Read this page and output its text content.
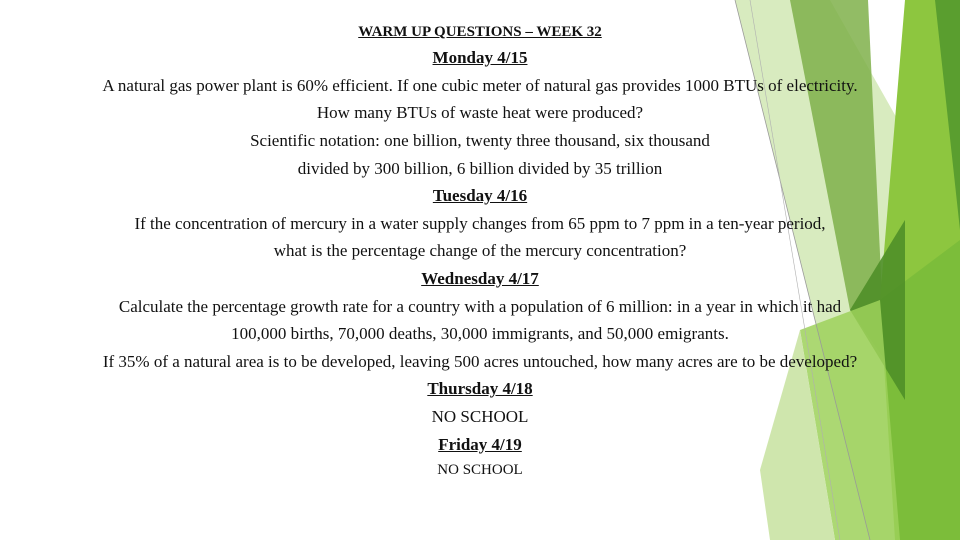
WARM UP QUESTIONS – WEEK 32
Monday 4/15
A natural gas power plant is 60% efficient. If one cubic meter of natural gas provides 1000 BTUs of electricity.
How many BTUs of waste heat were produced?
Scientific notation: one billion, twenty three thousand, six thousand
divided by 300 billion, 6 billion divided by 35 trillion
Tuesday 4/16
If the concentration of mercury in a water supply changes from 65 ppm to 7 ppm in a ten-year period,
what is the percentage change of the mercury concentration?
Wednesday 4/17
Calculate the percentage growth rate for a country with a population of 6 million: in a year in which it had
100,000 births, 70,000 deaths, 30,000 immigrants, and 50,000 emigrants.
If 35% of a natural area is to be developed, leaving 500 acres untouched, how many acres are to be developed?
Thursday 4/18
NO SCHOOL
Friday 4/19
NO SCHOOL
